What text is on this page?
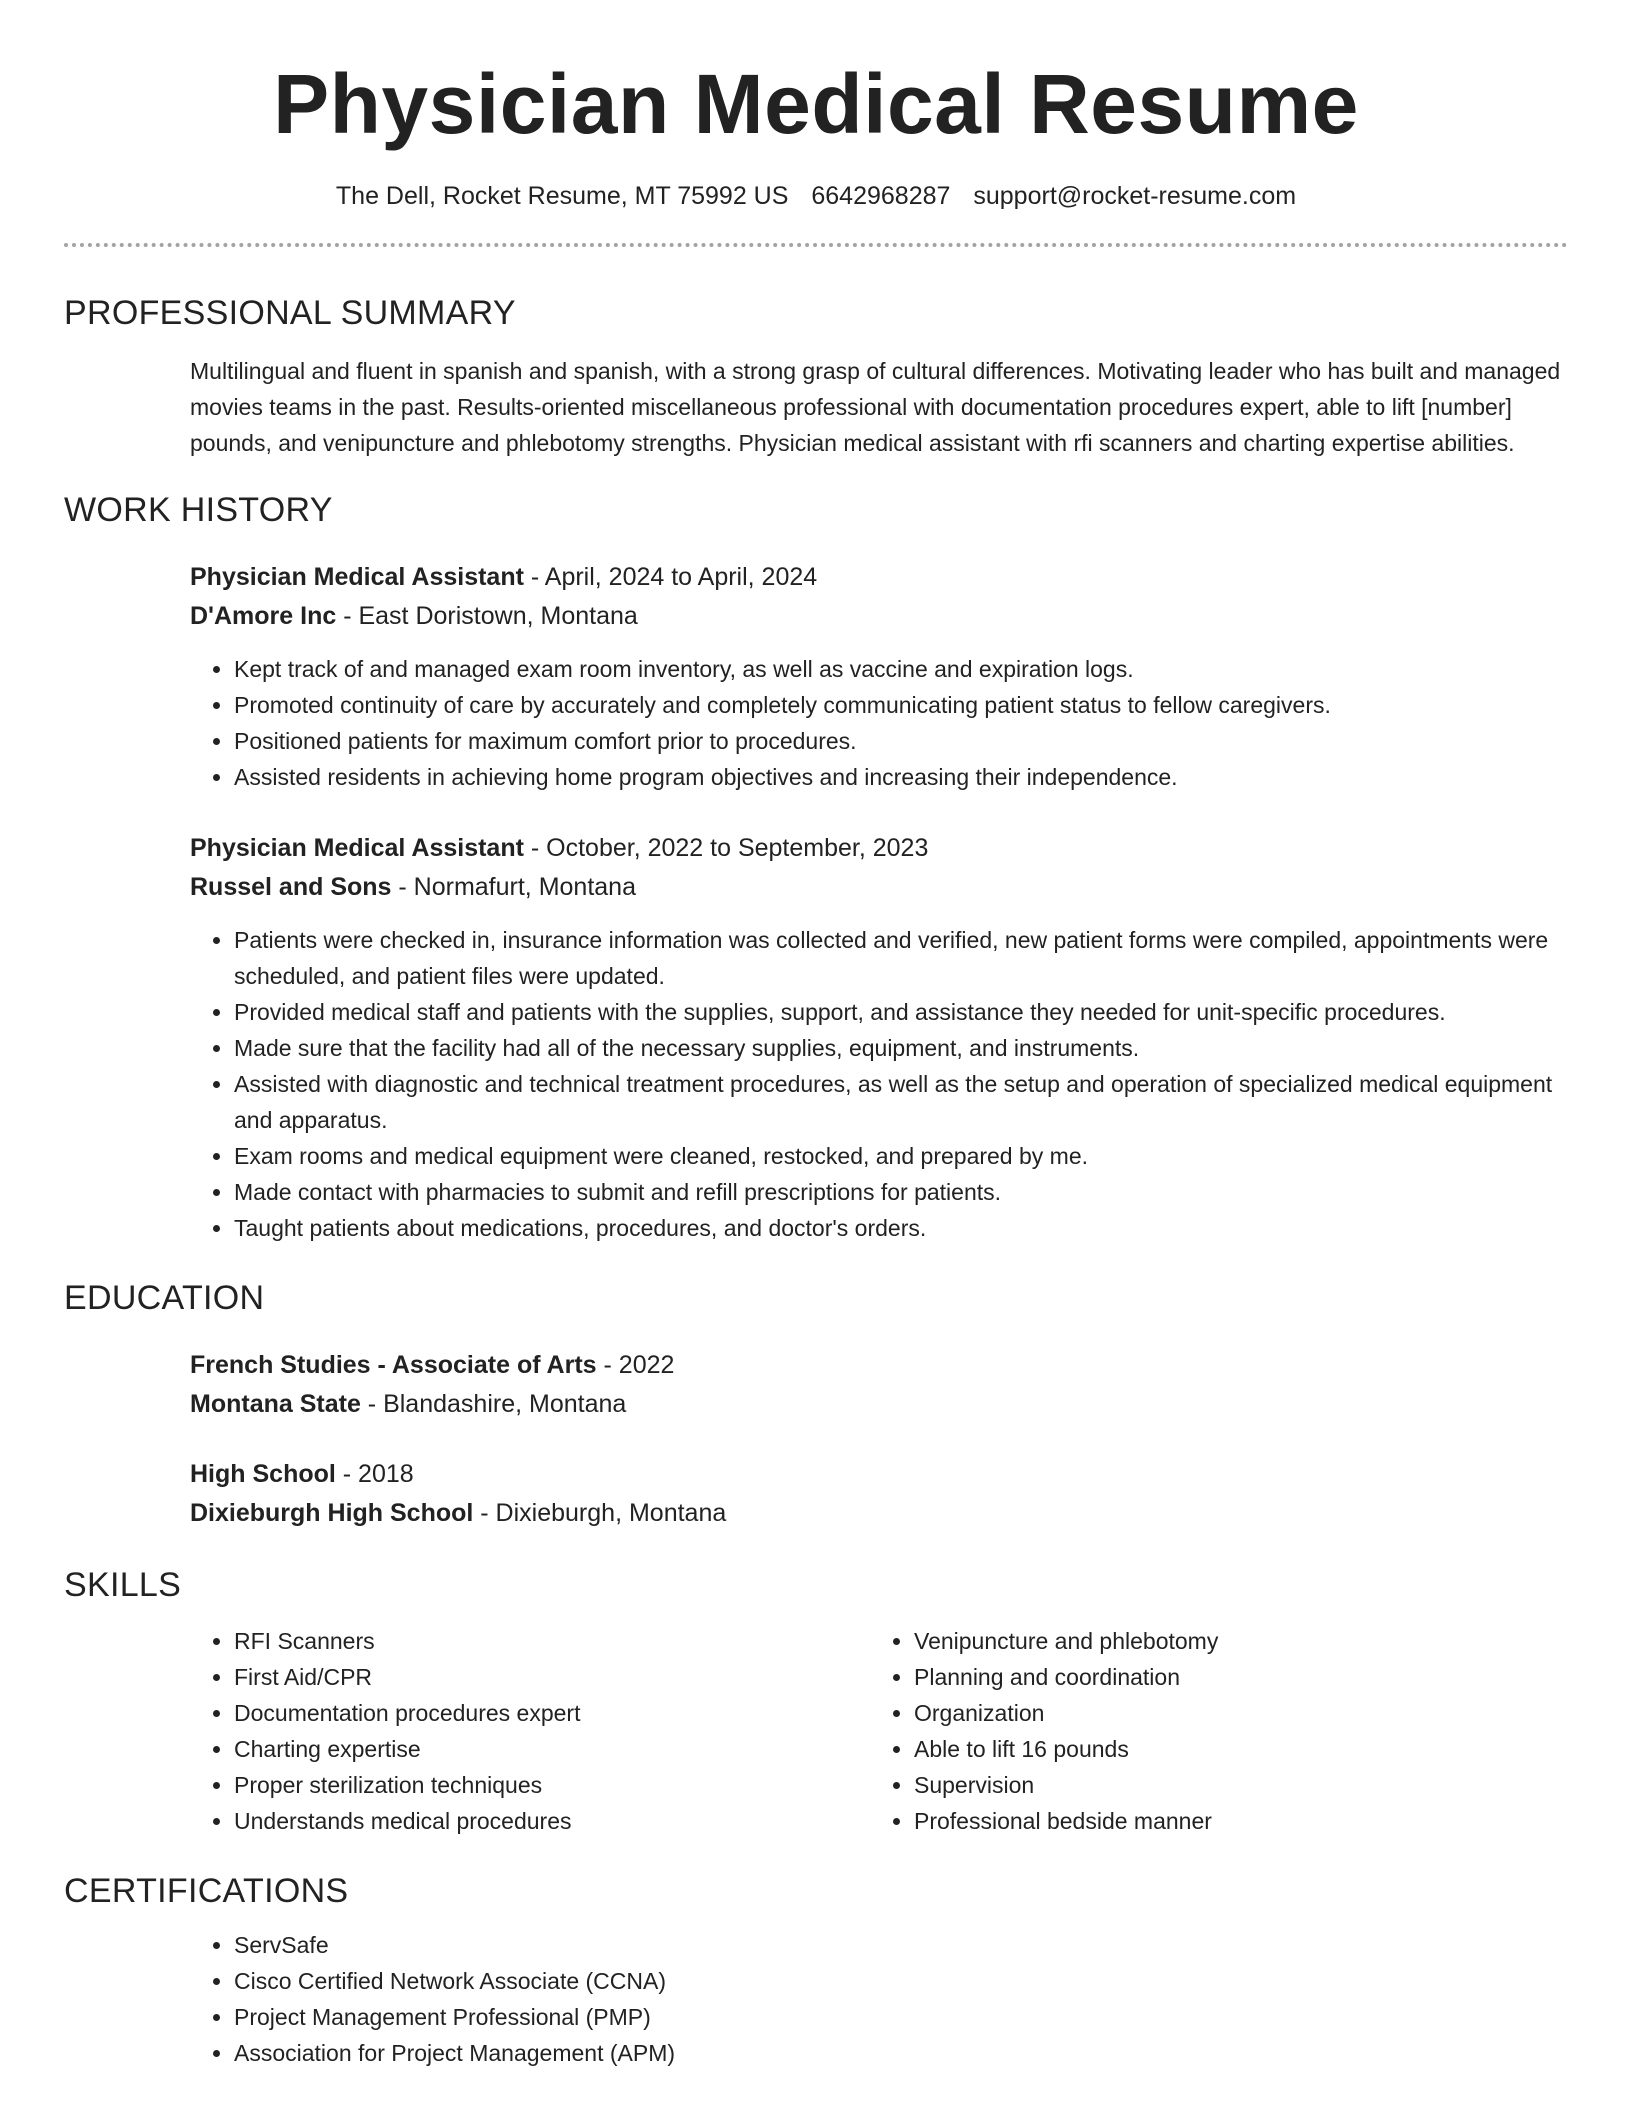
Physician Medical Resume
The Dell, Rocket Resume, MT 75992 US 6642968287 support@rocket-resume.com
PROFESSIONAL SUMMARY
Multilingual and fluent in spanish and spanish, with a strong grasp of cultural differences. Motivating leader who has built and managed movies teams in the past. Results-oriented miscellaneous professional with documentation procedures expert, able to lift [number] pounds, and venipuncture and phlebotomy strengths. Physician medical assistant with rfi scanners and charting expertise abilities.
WORK HISTORY
Physician Medical Assistant - April, 2024 to April, 2024
D'Amore Inc - East Doristown, Montana
• Kept track of and managed exam room inventory, as well as vaccine and expiration logs.
• Promoted continuity of care by accurately and completely communicating patient status to fellow caregivers.
• Positioned patients for maximum comfort prior to procedures.
• Assisted residents in achieving home program objectives and increasing their independence.
Physician Medical Assistant - October, 2022 to September, 2023
Russel and Sons - Normafurt, Montana
• Patients were checked in, insurance information was collected and verified, new patient forms were compiled, appointments were scheduled, and patient files were updated.
• Provided medical staff and patients with the supplies, support, and assistance they needed for unit-specific procedures.
• Made sure that the facility had all of the necessary supplies, equipment, and instruments.
• Assisted with diagnostic and technical treatment procedures, as well as the setup and operation of specialized medical equipment and apparatus.
• Exam rooms and medical equipment were cleaned, restocked, and prepared by me.
• Made contact with pharmacies to submit and refill prescriptions for patients.
• Taught patients about medications, procedures, and doctor's orders.
EDUCATION
French Studies - Associate of Arts - 2022
Montana State - Blandashire, Montana
High School - 2018
Dixieburgh High School - Dixieburgh, Montana
SKILLS
• RFI Scanners
• First Aid/CPR
• Documentation procedures expert
• Charting expertise
• Proper sterilization techniques
• Understands medical procedures
• Venipuncture and phlebotomy
• Planning and coordination
• Organization
• Able to lift 16 pounds
• Supervision
• Professional bedside manner
CERTIFICATIONS
• ServSafe
• Cisco Certified Network Associate (CCNA)
• Project Management Professional (PMP)
• Association for Project Management (APM)
